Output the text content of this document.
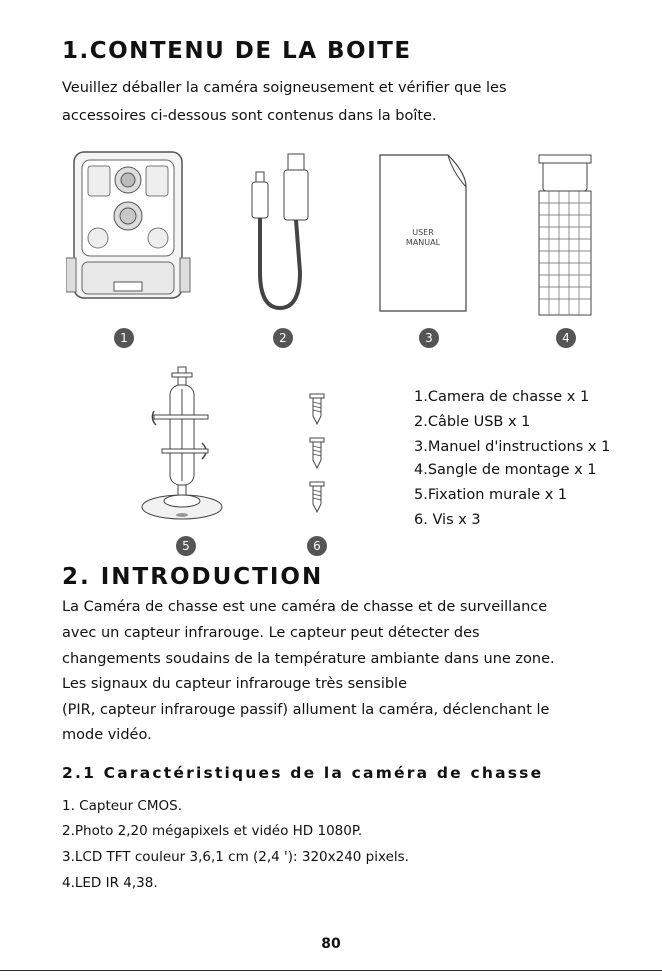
1.CONTENU DE LA BOITE
Veuillez déballer la caméra soigneusement et vérifier que les
accessoires ci-dessous sont contenus dans la boîte.
USER
MANUAL
1	2	3	4
5	6
1.Camera de chasse x 1
2.Câble USB x 1
3.Manuel d'instructions x 1
4.Sangle de montage x 1
5.Fixation murale x 1
6. Vis x 3
2. INTRODUCTION
La Caméra de chasse est une caméra de chasse et de surveillance
avec un capteur infrarouge. Le capteur peut détecter des
changements soudains de la température ambiante dans une zone.
Les signaux du capteur infrarouge très sensible
(PIR, capteur infrarouge passif) allument la caméra, déclenchant le
mode vidéo.
2.1 Caractéristiques de la caméra de chasse
1. Capteur CMOS.
2.Photo 2,20 mégapixels et vidéo HD 1080P.
3.LCD TFT couleur 3,6,1 cm (2,4 '): 320x240 pixels.
4.LED IR 4,38.
80
